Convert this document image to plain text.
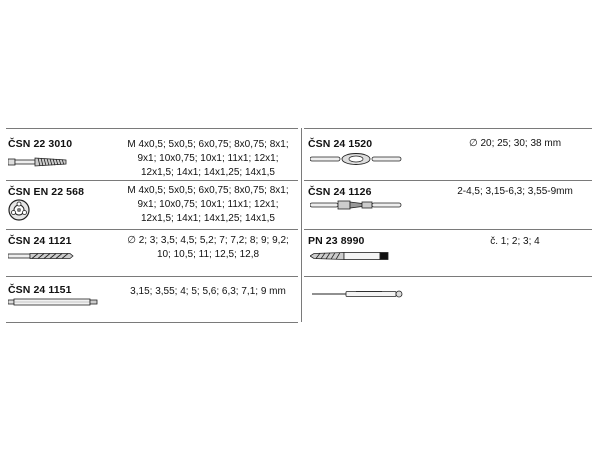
ČSN 22 3010	M 4x0,5; 5x0,5; 6x0,75; 8x0,75; 8x1;
9x1; 10x0,75; 10x1; 11x1; 12x1;
12x1,5; 14x1; 14x1,25; 14x1,5
ČSN EN 22 568	M 4x0,5; 5x0,5; 6x0,75; 8x0,75; 8x1;
9x1; 10x0,75; 10x1; 11x1; 12x1;
12x1,5; 14x1; 14x1,25; 14x1,5
ČSN 24 1121	∅ 2; 3; 3,5; 4,5; 5,2; 7; 7,2; 8; 9; 9,2;
10; 10,5; 11; 12,5; 12,8
ČSN 24 1151	3,15; 3,55; 4; 5; 5,6; 6,3; 7,1; 9 mm
ČSN 24 1520	∅ 20; 25; 30; 38 mm
ČSN 24 1126	2-4,5; 3,15-6,3; 3,55-9mm
PN 23 8990	č. 1; 2; 3; 4
